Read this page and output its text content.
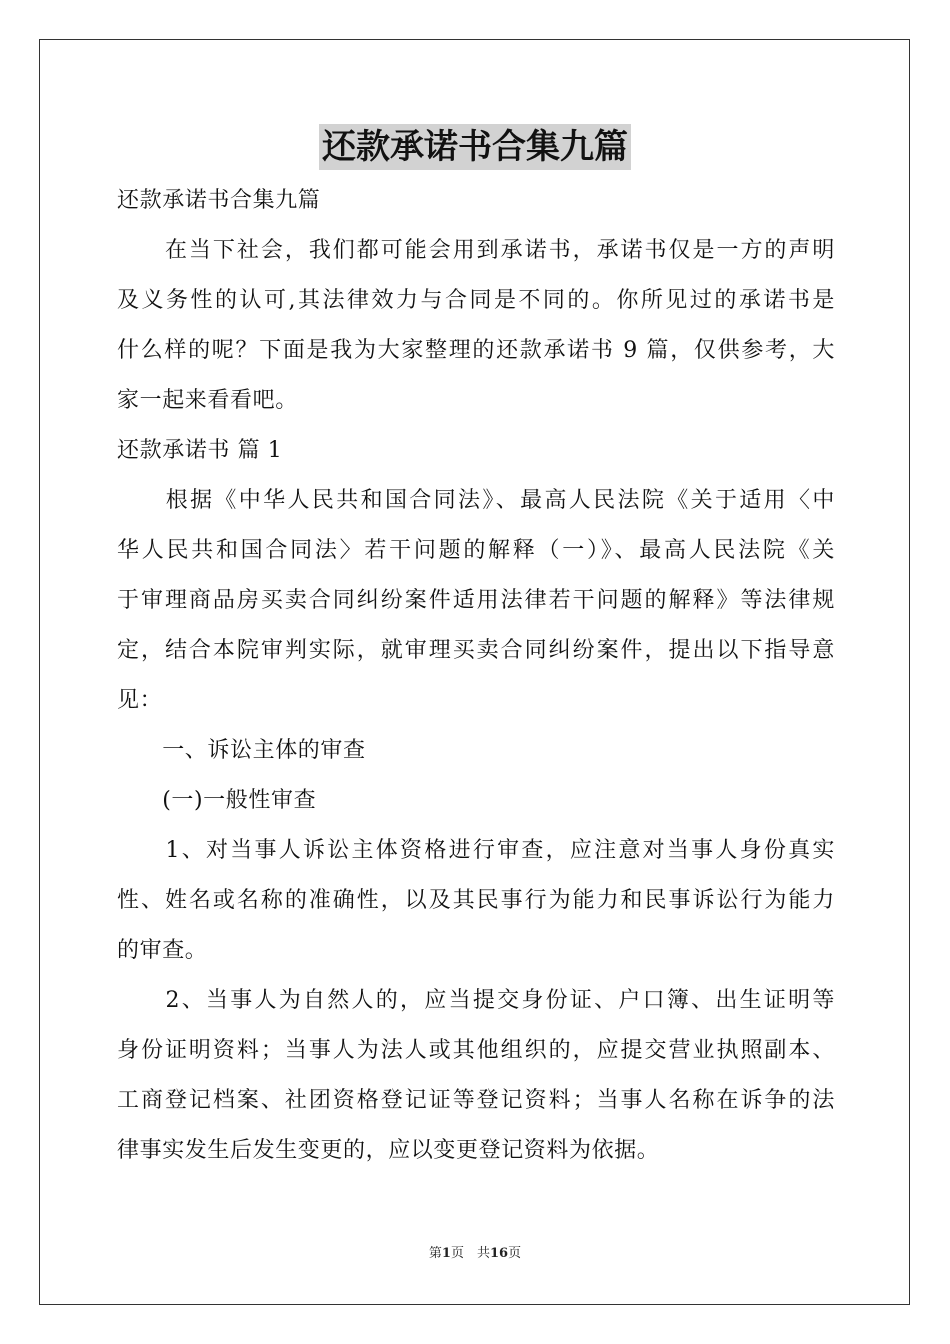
还款承诺书合集九篇
还款承诺书合集九篇
　　在当下社会，我们都可能会用到承诺书，承诺书仅是一方的声明
及义务性的认可,其法律效力与合同是不同的。你所见过的承诺书是
什么样的呢？下面是我为大家整理的还款承诺书 9 篇，仅供参考，大
家一起来看看吧。
还款承诺书 篇 1
　　根据《中华人民共和国合同法》、最高人民法院《关于适用〈中
华人民共和国合同法〉若干问题的解释（一）》、最高人民法院《关
于审理商品房买卖合同纠纷案件适用法律若干问题的解释》等法律规
定，结合本院审判实际，就审理买卖合同纠纷案件，提出以下指导意
见：
　　一、诉讼主体的审查
　　(一)一般性审查
　　1、对当事人诉讼主体资格进行审查，应注意对当事人身份真实
性、姓名或名称的准确性，以及其民事行为能力和民事诉讼行为能力
的审查。
　　2、当事人为自然人的，应当提交身份证、户口簿、出生证明等
身份证明资料；当事人为法人或其他组织的，应提交营业执照副本、
工商登记档案、社团资格登记证等登记资料；当事人名称在诉争的法
律事实发生后发生变更的，应以变更登记资料为依据。
第1页　共16页
